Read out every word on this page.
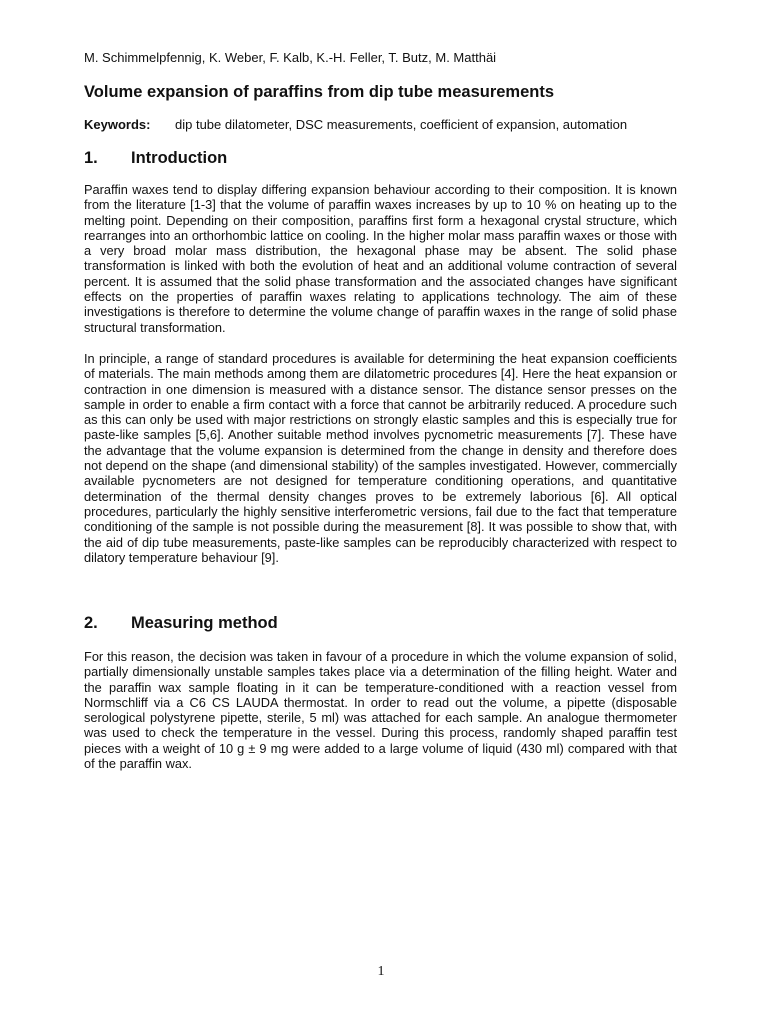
M. Schimmelpfennig, K. Weber, F. Kalb, K.-H. Feller, T. Butz, M. Matthäi
Volume expansion of paraffins from dip tube measurements
Keywords: dip tube dilatometer, DSC measurements, coefficient of expansion, automation
1. Introduction

Paraffin waxes tend to display differing expansion behaviour according to their composition. It is known from the literature [1-3] that the volume of paraffin waxes increases by up to 10 % on heating up to the melting point. Depending on their composition, paraffins first form a hexagonal crystal structure, which rearranges into an orthorhombic lattice on cooling. In the higher molar mass paraffin waxes or those with a very broad molar mass distribution, the hexagonal phase may be absent. The solid phase transformation is linked with both the evolution of heat and an additional volume contraction of several percent. It is assumed that the solid phase transformation and the associated changes have significant effects on the properties of paraffin waxes relating to applications technology. The aim of these investigations is therefore to determine the volume change of paraffin waxes in the range of solid phase structural transformation.

In principle, a range of standard procedures is available for determining the heat expansion coefficients of materials. The main methods among them are dilatometric procedures [4]. Here the heat expansion or contraction in one dimension is measured with a distance sensor. The distance sensor presses on the sample in order to enable a firm contact with a force that cannot be arbitrarily reduced. A procedure such as this can only be used with major restrictions on strongly elastic samples and this is especially true for paste-like samples [5,6]. Another suitable method involves pycnometric measurements [7]. These have the advantage that the volume expansion is determined from the change in density and therefore does not depend on the shape (and dimensional stability) of the samples investigated. However, commercially available pycnometers are not designed for temperature conditioning operations, and quantitative determination of the thermal density changes proves to be extremely laborious [6]. All optical procedures, particularly the highly sensitive interferometric versions, fail due to the fact that temperature conditioning of the sample is not possible during the measurement [8]. It was possible to show that, with the aid of dip tube measurements, paste-like samples can be reproducibly characterized with respect to dilatory temperature behaviour [9].

2. Measuring method

For this reason, the decision was taken in favour of a procedure in which the volume expansion of solid, partially dimensionally unstable samples takes place via a determination of the filling height. Water and the paraffin wax sample floating in it can be temperature-conditioned with a reaction vessel from Normschliff via a C6 CS LAUDA thermostat. In order to read out the volume, a pipette (disposable serological polystyrene pipette, sterile, 5 ml) was attached for each sample. An analogue thermometer was used to check the temperature in the vessel. During this process, randomly shaped paraffin test pieces with a weight of 10 g ± 9 mg were added to a large volume of liquid (430 ml) compared with that of the paraffin wax.

1
